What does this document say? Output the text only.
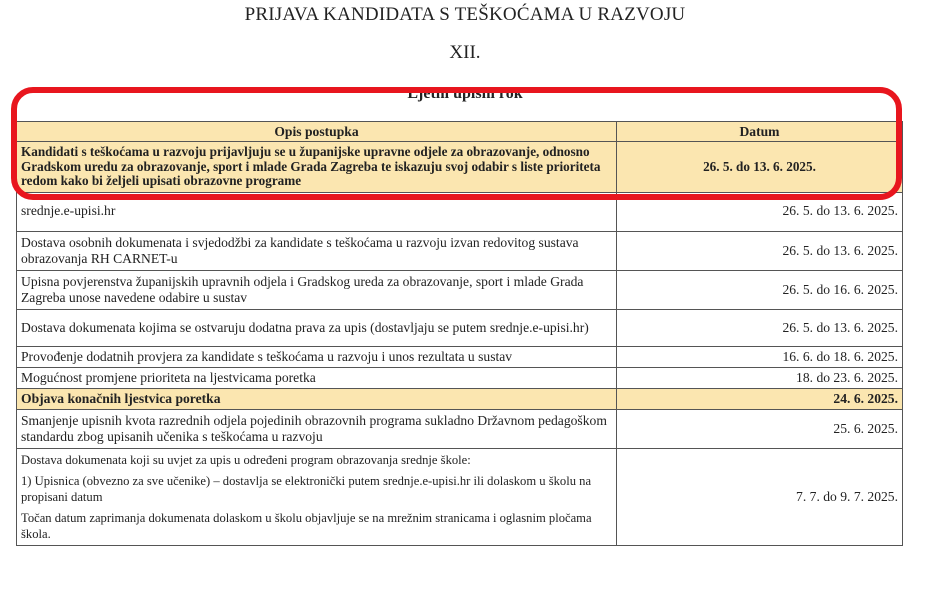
PRIJAVA KANDIDATA S TEŠKOĆAMA U RAZVOJU
XII.
Ljetni upisni rok
Opis postupka	Datum
Kandidati s teškoćama u razvoju prijavljuju se u županijske upravne odjele za obrazovanje, odnosno Gradskom uredu za obrazovanje, sport i mlade Grada Zagreba te iskazuju svoj odabir s liste prioriteta redom kako bi željeli upisati obrazovne programe	26. 5. do 13. 6. 2025.

srednje.e-upisi.hr	26. 5. do 13. 6. 2025.

Dostava osobnih dokumenata i svjedodžbi za kandidate s teškoćama u razvoju izvan redovitog sustava obrazovanja RH CARNET-u	26. 5. do 13. 6. 2025.
Upisna povjerenstva županijskih upravnih odjela i Gradskog ureda za obrazovanje, sport i mlade Grada Zagreba unose navedene odabire u sustav	26. 5. do 16. 6. 2025.
Dostava dokumenata kojima se ostvaruju dodatna prava za upis (dostavljaju se putem srednje.e-upisi.hr)	26. 5. do 13. 6. 2025.
Provođenje dodatnih provjera za kandidate s teškoćama u razvoju i unos rezultata u sustav	16. 6. do 18. 6. 2025.
Mogućnost promjene prioriteta na ljestvicama poretka	18. do 23. 6. 2025.
Objava konačnih ljestvica poretka	24. 6. 2025.
Smanjenje upisnih kvota razrednih odjela pojedinih obrazovnih programa sukladno Državnom pedagoškom standardu zbog upisanih učenika s teškoćama u razvoju	25. 6. 2025.

Dostava dokumenata koji su uvjet za upis u određeni program obrazovanja srednje škole:

1) Upisnica (obvezno za sve učenike) – dostavlja se elektronički putem srednje.e-upisi.hr ili dolaskom u školu na propisani datum

Točan datum zaprimanja dokumenata dolaskom u školu objavljuje se na mrežnim stranicama i oglasnim pločama škola.	7. 7. do 9. 7. 2025.
